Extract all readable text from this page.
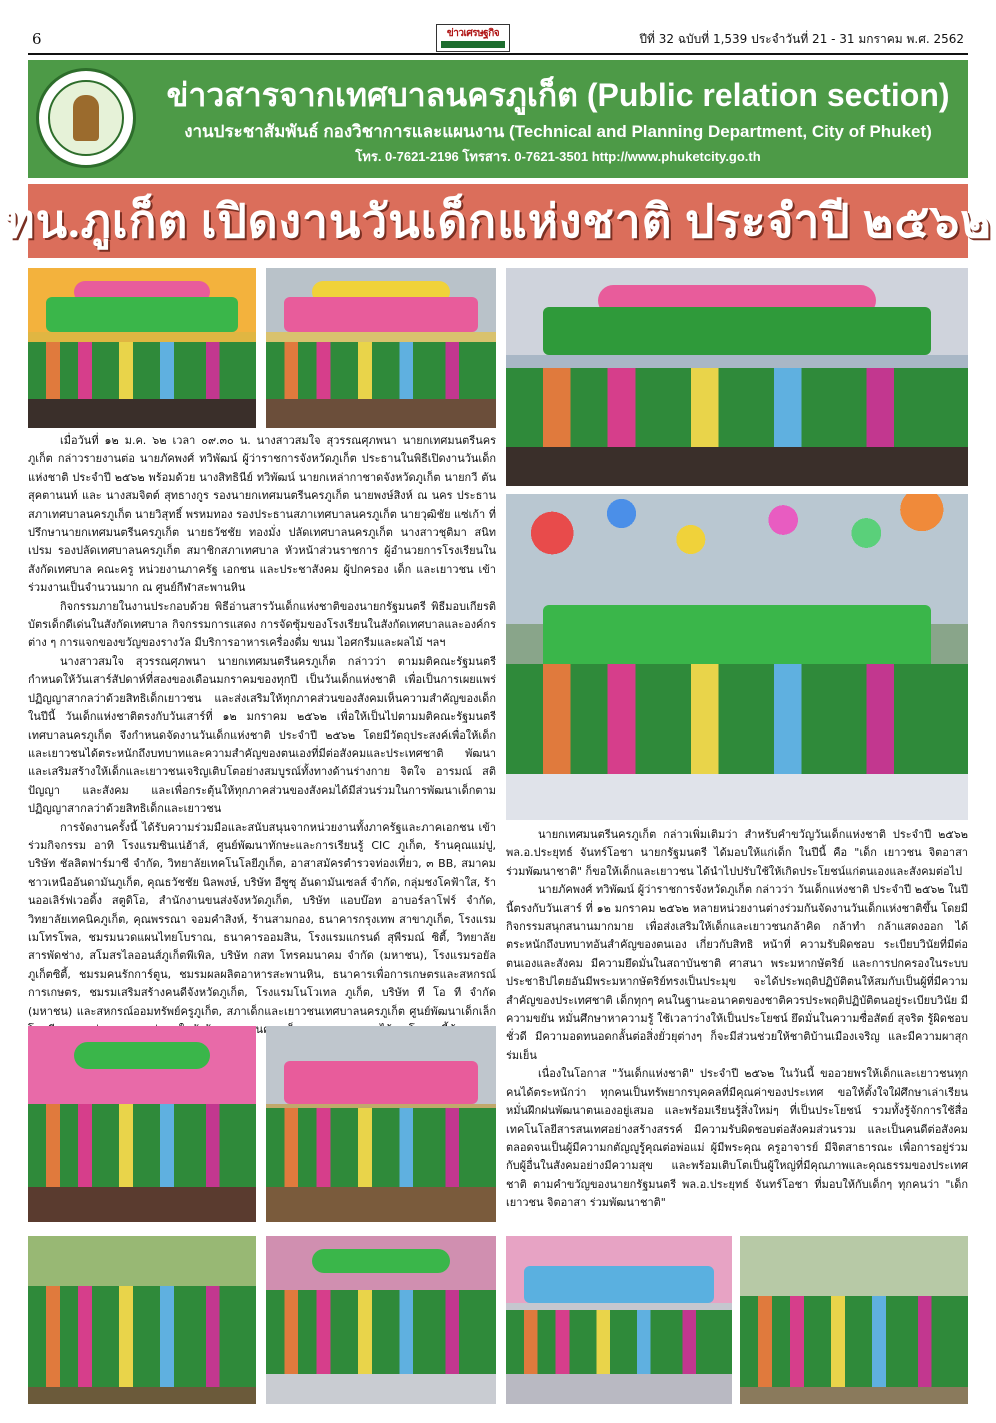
6	ข่าวเศรษฐกิจ	ปีที่ 32 ฉบับที่ 1,539 ประจำวันที่ 21 - 31 มกราคม พ.ศ. 2562
ข่าวสารจากเทศบาลนครภูเก็ต (Public relation section)
งานประชาสัมพันธ์ กองวิชาการและแผนงาน (Technical and Planning Department, City of Phuket)
โทร. 0-7621-2196 โทรสาร. 0-7621-3501 http://www.phuketcity.go.th
ทน.ภูเก็ต เปิดงานวันเด็กแห่งชาติ ประจำปี ๒๕๖๒

เมื่อวันที่ ๑๒ ม.ค. ๖๒ เวลา ๐๙.๓๐ น. นางสาวสมใจ สุวรรณศุภพนา นายกเทศมนตรีนครภูเก็ต กล่าวรายงานต่อ นายภัคพงศ์ ทวิพัฒน์ ผู้ว่าราชการจังหวัดภูเก็ต ประธานในพิธีเปิดงานวันเด็กแห่งชาติ ประจำปี ๒๕๖๒ พร้อมด้วย นางสิทธินีย์ ทวิพัฒน์ นายกเหล่ากาชาดจังหวัดภูเก็ต นายกวี ตันสุคตานนท์ และ นางสมจิตต์ สุทธางกูร รองนายกเทศมนตรีนครภูเก็ต นายพงษ์สิงห์ ณ นคร ประธานสภาเทศบาลนครภูเก็ต นายวิสุทธิ์ พรหมทอง รองประธานสภาเทศบาลนครภูเก็ต นายวุฒิชัย แซ่เก้า ที่ปรึกษานายกเทศมนตรีนครภูเก็ต นายธวัชชัย ทองมั่ง ปลัดเทศบาลนครภูเก็ต นางสาวชุติมา สนิทเปรม รองปลัดเทศบาลนครภูเก็ต สมาชิกสภาเทศบาล หัวหน้าส่วนราชการ ผู้อำนวยการโรงเรียนในสังกัดเทศบาล คณะครู หน่วยงานภาครัฐ เอกชน และประชาสังคม ผู้ปกครอง เด็ก และเยาวชน เข้าร่วมงานเป็นจำนวนมาก ณ ศูนย์กีฬาสะพานหิน

กิจกรรมภายในงานประกอบด้วย พิธีอ่านสารวันเด็กแห่งชาติของนายกรัฐมนตรี พิธีมอบเกียรติบัตรเด็กดีเด่นในสังกัดเทศบาล กิจกรรมการแสดง การจัดซุ้มของโรงเรียนในสังกัดเทศบาลและองค์กรต่าง ๆ การแจกของขวัญของรางวัล มีบริการอาหารเครื่องดื่ม ขนม ไอศกรีมและผลไม้ ฯลฯ

นางสาวสมใจ สุวรรณศุภพนา นายกเทศมนตรีนครภูเก็ต กล่าวว่า ตามมติคณะรัฐมนตรี กำหนดให้วันเสาร์สัปดาห์ที่สองของเดือนมกราคมของทุกปี เป็นวันเด็กแห่งชาติ เพื่อเป็นการเผยแพร่ปฏิญญาสากลว่าด้วยสิทธิเด็กเยาวชน และส่งเสริมให้ทุกภาคส่วนของสังคมเห็นความสำคัญของเด็กในปีนี้ วันเด็กแห่งชาติตรงกับวันเสาร์ที่ ๑๒ มกราคม ๒๕๖๒ เพื่อให้เป็นไปตามมติคณะรัฐมนตรี เทศบาลนครภูเก็ต จึงกำหนดจัดงานวันเด็กแห่งชาติ ประจำปี ๒๕๖๒ โดยมีวัตถุประสงค์เพื่อให้เด็กและเยาวชนได้ตระหนักถึงบทบาทและความสำคัญของตนเองที่มีต่อสังคมและประเทศชาติ พัฒนาและเสริมสร้างให้เด็กและเยาวชนเจริญเติบโตอย่างสมบูรณ์ทั้งทางด้านร่างกาย จิตใจ อารมณ์ สติปัญญา และสังคม และเพื่อกระตุ้นให้ทุกภาคส่วนของสังคมได้มีส่วนร่วมในการพัฒนาเด็กตามปฏิญญาสากลว่าด้วยสิทธิเด็กและเยาวชน

การจัดงานครั้งนี้ ได้รับความร่วมมือและสนับสนุนจากหน่วยงานทั้งภาครัฐและภาคเอกชน เข้าร่วมกิจกรรม อาทิ โรงแรมซินเน่ฮ้าส์, ศูนย์พัฒนาทักษะและการเรียนรู้ CIC ภูเก็ต, ร้านคุณแม่ปู, บริษัท ชัลลิตฟาร์มาซี จำกัด, วิทยาลัยเทคโนโลยีภูเก็ต, อาสาสมัครตำรวจท่องเที่ยว, ๓ BB, สมาคมชาวเหนืออันดามันภูเก็ต, คุณธวัชชัย นิลพงษ์, บริษัท อีซูซุ อันดามันเซลส์ จำกัด, กลุ่มชงโคฟ้าใส, ร้านออเลิร์ฟเวอดิ้ง สตูดิโอ, สำนักงานขนส่งจังหวัดภูเก็ต, บริษัท แอบบ๊อท อาบอร์ลาโฟร์ จำกัด, วิทยาลัยเทคนิคภูเก็ต, คุณพรรณา จอมคำสิงห์, ร้านสามกอง, ธนาคารกรุงเทพ สาขาภูเก็ต, โรงแรมเมโทรโพล, ชมรมนวดแผนไทยโบราณ, ธนาคารออมสิน, โรงแรมแกรนด์ สุพีรมณ์ ซิตี้, วิทยาลัยสารพัดช่าง, สโมสรไลออนส์ภูเก็ตพีเพิล, บริษัท กสท โทรคมนาคม จำกัด (มหาชน), โรงแรมรอยัลภูเก็ตซิตี้, ชมรมคนรักการ์ตูน, ชมรมผลผลิตอาหารสะพานหิน, ธนาคารเพื่อการเกษตรและสหกรณ์การเกษตร, ชมรมเสริมสร้างคนดีจังหวัดภูเก็ต, โรงแรมโนโวเทล ภูเก็ต, บริษัท ที โอ ที จำกัด (มหาชน) และสหกรณ์ออมทรัพย์ครูภูเก็ต, สภาเด็กและเยาวชนเทศบาลนครภูเก็ต ศูนย์พัฒนาเด็กเล็ก

นายกเทศมนตรีนครภูเก็ต กล่าวเพิ่มเติมว่า สำหรับคำขวัญวันเด็กแห่งชาติ ประจำปี ๒๕๖๒ พล.อ.ประยุทธ์ จันทร์โอชา นายกรัฐมนตรี ได้มอบให้แก่เด็ก ในปีนี้ คือ "เด็ก เยาวชน จิตอาสา ร่วมพัฒนาชาติ" ก็ขอให้เด็กและเยาวชน ได้นำไปปรับใช้ให้เกิดประโยชน์แก่ตนเองและสังคมต่อไป

นายภัคพงศ์ ทวิพัฒน์ ผู้ว่าราชการจังหวัดภูเก็ต กล่าวว่า วันเด็กแห่งชาติ ประจำปี ๒๕๖๒ ในปีนี้ตรงกับวันเสาร์ ที่ ๑๒ มกราคม ๒๕๖๒ หลายหน่วยงานต่างร่วมกันจัดงานวันเด็กแห่งชาติขึ้น โดยมีกิจกรรมสนุกสนานมากมาย เพื่อส่งเสริมให้เด็กและเยาวชนกล้าคิด กล้าทำ กล้าแสดงออก ได้ตระหนักถึงบทบาทอันสำคัญของตนเอง เกี่ยวกับสิทธิ หน้าที่ ความรับผิดชอบ ระเบียบวินัยที่มีต่อตนเองและสังคม มีความยึดมั่นในสถาบันชาติ ศาสนา พระมหากษัตริย์ และการปกครองในระบบประชาธิปไตยอันมีพระมหากษัตริย์ทรงเป็นประมุข จะได้ประพฤติปฏิบัติตนให้สมกับเป็นผู้ที่มีความสำคัญของประเทศชาติ เด็กทุกๆ คนในฐานะอนาคตของชาติควรประพฤติปฏิบัติตนอยู่ระเบียบวินัย มีความขยัน หมั่นศึกษาหาความรู้ ใช้เวลาว่างให้เป็นประโยชน์ ยึดมั่นในความซื่อสัตย์ สุจริต รู้ผิดชอบชั่วดี มีความอดทนอดกลั้นต่อสิ่งยั่วยุต่างๆ ก็จะมีส่วนช่วยให้ชาติบ้านเมืองเจริญ และมีความผาสุกร่มเย็น

เนื่องในโอกาส "วันเด็กแห่งชาติ" ประจำปี ๒๕๖๒ ในวันนี้ ขออวยพรให้เด็กและเยาวชนทุกคนได้ตระหนักว่า ทุกคนเป็นทรัพยากรบุคคลที่มีคุณค่าของประเทศ ขอให้ตั้งใจใฝ่ศึกษาเล่าเรียน หมั่นฝึกฝนพัฒนาตนเองอยู่เสมอ และพร้อมเรียนรู้สิ่งใหม่ๆ ที่เป็นประโยชน์ รวมทั้งรู้จักการใช้สื่อเทคโนโลยีสารสนเทศอย่างสร้างสรรค์ มีความรับผิดชอบต่อสังคมส่วนรวม และเป็นคนดีต่อสังคม ตลอดจนเป็นผู้มีความกตัญญูรู้คุณต่อพ่อแม่ ผู้มีพระคุณ ครูอาจารย์ มีจิตสาธารณะ เพื่อการอยู่ร่วมกับผู้อื่นในสังคมอย่างมีความสุข และพร้อมเติบโตเป็นผู้ใหญ่ที่มีคุณภาพและคุณธรรมของประเทศชาติ ตามคำขวัญของนายกรัฐมนตรี พล.อ.ประยุทธ์ จันทร์โอชา ที่มอบให้กับเด็กๆ ทุกคนว่า "เด็ก เยาวชน จิตอาสา ร่วมพัฒนาชาติ"
